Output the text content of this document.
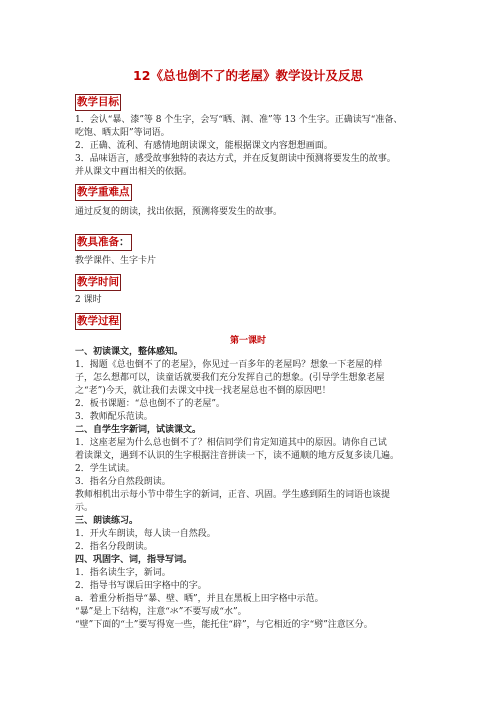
12《总也倒不了的老屋》教学设计及反思
教学目标
1．会认“暴、漆”等 8 个生字，会写“晒、洞、准”等 13 个生字。正确读写“准备、
吃饱、晒太阳”等词语。
2．正确、流利、有感情地朗读课文，能根据课文内容想想画面。
3．品味语言，感受故事独特的表达方式，并在反复朗读中预测将要发生的故事。
并从课文中画出相关的依据。
教学重难点
通过反复的朗读，找出依据，预测将要发生的故事。
教具准备：
教学课件、生字卡片
教学时间
2 课时
教学过程
第一课时
一、初读课文，整体感知。
1．揭题《总也倒不了的老屋》，你见过一百多年的老屋吗？想象一下老屋的样
子，怎么想都可以，读童话就要我们充分发挥自己的想象。(引导学生想象老屋
之“老”)今天，就让我们去课文中找一找老屋总也不倒的原因吧！
2．板书课题：“总也倒不了的老屋”。
3．教师配乐范读。
二、自学生字新词，试读课文。
1．这座老屋为什么总也倒不了？相信同学们肯定知道其中的原因。请你自己试
着读课文，遇到不认识的生字根据注音拼读一下，读不通顺的地方反复多读几遍。
2．学生试读。
3．指名分自然段朗读。
教师相机出示每小节中带生字的新词，正音、巩固。学生感到陌生的词语也该提
示。
三、朗读练习。
1．开火车朗读，每人读一自然段。
2．指名分段朗读。
四、巩固字、词，指导写词。
1．指名读生字，新词。
2．指导书写课后田字格中的字。
a．着重分析指导“暴、壁、晒”，并且在黑板上田字格中示范。
“暴”是上下结构，注意“氺”不要写成“水”。
“壁”下面的“土”要写得宽一些，能托住“辟”，与它相近的字“劈”注意区分。
